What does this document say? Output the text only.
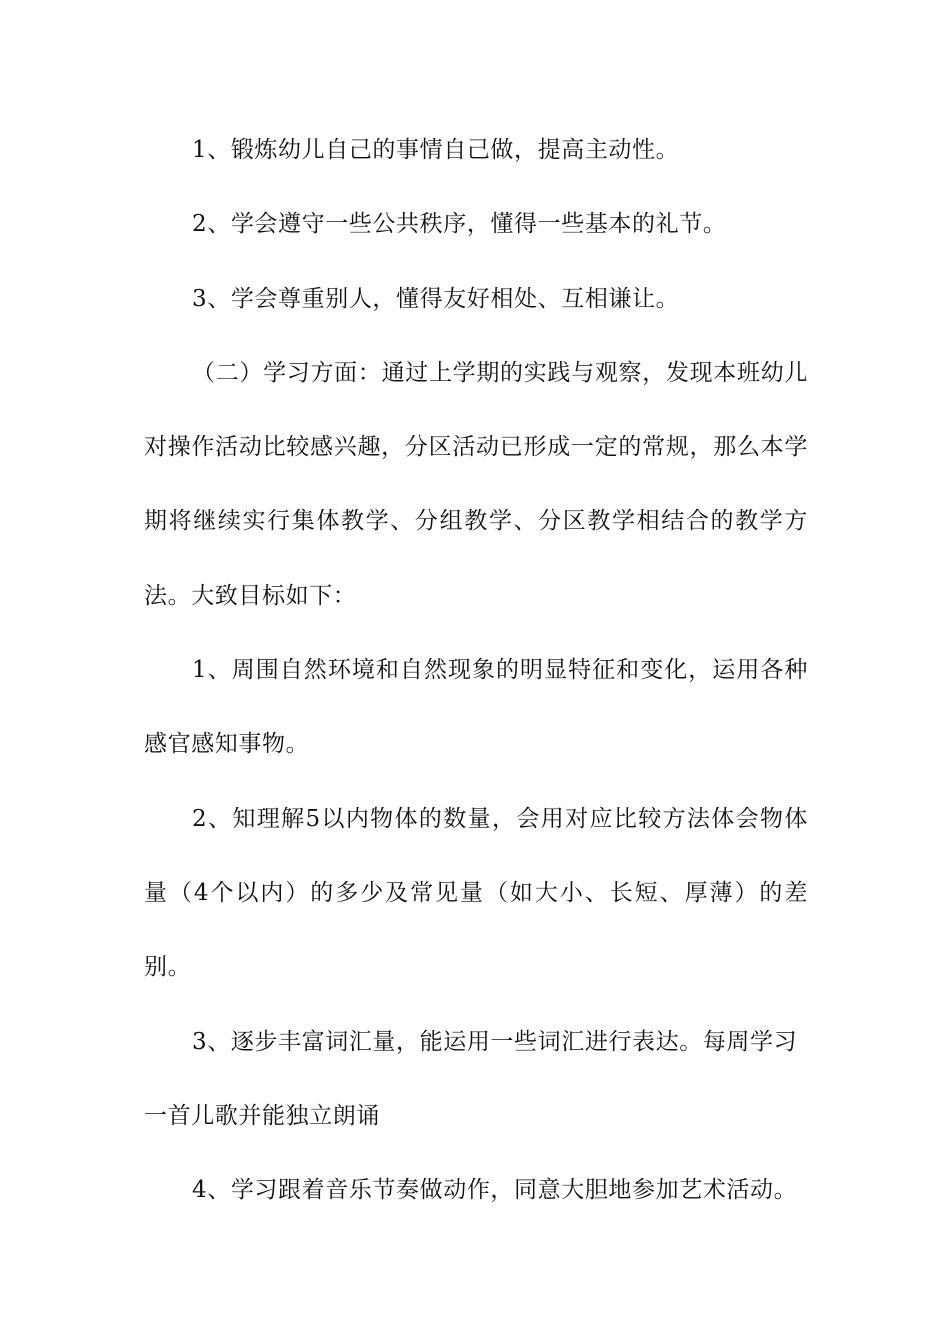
1、锻炼幼儿自己的事情自己做，提高主动性。

2、学会遵守一些公共秩序，懂得一些基本的礼节。

3、学会尊重别人，懂得友好相处、互相谦让。

（二）学习方面：通过上学期的实践与观察，发现本班幼儿对操作活动比较感兴趣，分区活动已形成一定的常规，那么本学期将继续实行集体教学、分组教学、分区教学相结合的教学方法。大致目标如下：

1、周围自然环境和自然现象的明显特征和变化，运用各种感官感知事物。

2、知理解5以内物体的数量，会用对应比较方法体会物体量（4个以内）的多少及常见量（如大小、长短、厚薄）的差别。

3、逐步丰富词汇量，能运用一些词汇进行表达。每周学习一首儿歌并能独立朗诵

4、学习跟着音乐节奏做动作，同意大胆地参加艺术活动。
